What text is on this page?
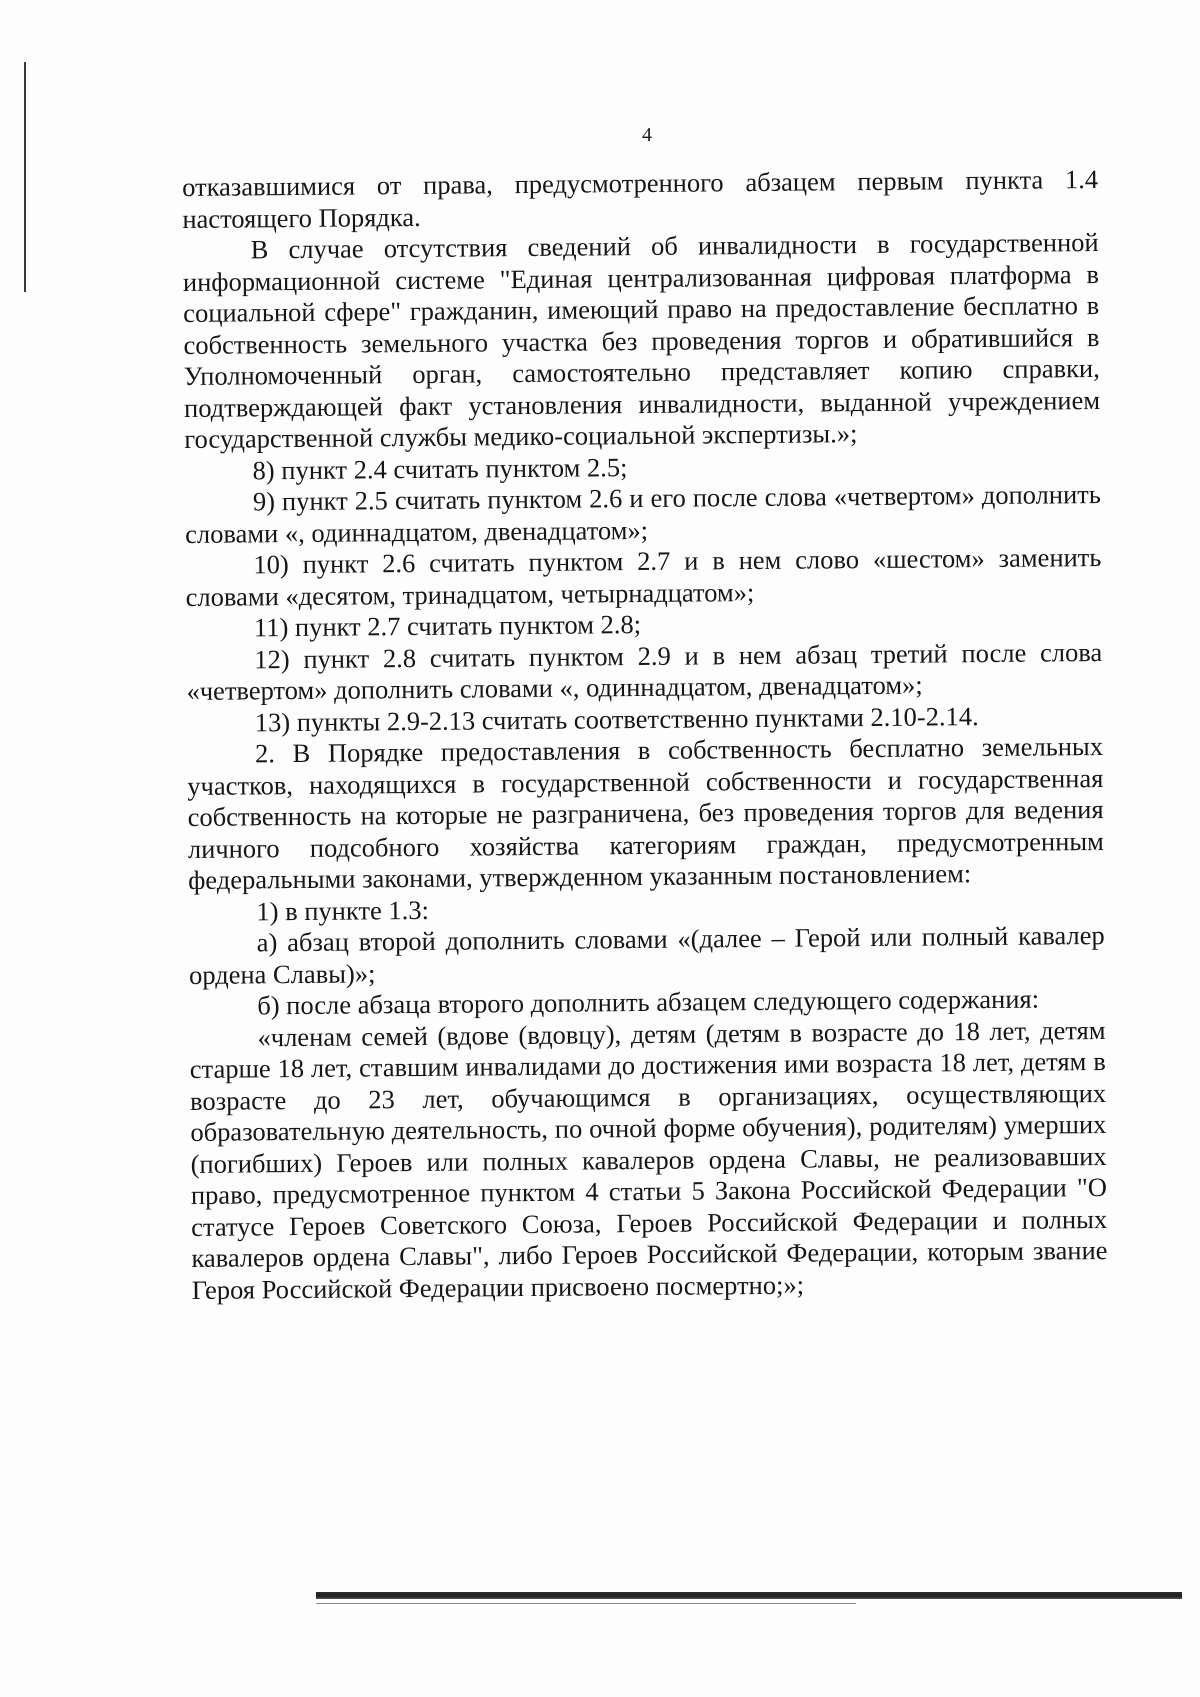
4

отказавшимися от права, предусмотренного абзацем первым пункта 1.4 настоящего Порядка.

В случае отсутствия сведений об инвалидности в государственной информационной системе "Единая централизованная цифровая платформа в социальной сфере" гражданин, имеющий право на предоставление бесплатно в собственность земельного участка без проведения торгов и обратившийся в Уполномоченный орган, самостоятельно представляет копию справки, подтверждающей факт установления инвалидности, выданной учреждением государственной службы медико-социальной экспертизы.»;

8) пункт 2.4 считать пунктом 2.5;

9) пункт 2.5 считать пунктом 2.6 и его после слова «четвертом» дополнить словами «, одиннадцатом, двенадцатом»;

10) пункт 2.6 считать пунктом 2.7 и в нем слово «шестом» заменить словами «десятом, тринадцатом, четырнадцатом»;

11) пункт 2.7 считать пунктом 2.8;

12) пункт 2.8 считать пунктом 2.9 и в нем абзац третий после слова «четвертом» дополнить словами «, одиннадцатом, двенадцатом»;

13) пункты 2.9-2.13 считать соответственно пунктами 2.10-2.14.

2. В Порядке предоставления в собственность бесплатно земельных участков, находящихся в государственной собственности и государственная собственность на которые не разграничена, без проведения торгов для ведения личного подсобного хозяйства категориям граждан, предусмотренным федеральными законами, утвержденном указанным постановлением:

1) в пункте 1.3:

а) абзац второй дополнить словами «(далее – Герой или полный кавалер ордена Славы)»;

б) после абзаца второго дополнить абзацем следующего содержания:

«членам семей (вдове (вдовцу), детям (детям в возрасте до 18 лет, детям старше 18 лет, ставшим инвалидами до достижения ими возраста 18 лет, детям в возрасте до 23 лет, обучающимся в организациях, осуществляющих образовательную деятельность, по очной форме обучения), родителям) умерших (погибших) Героев или полных кавалеров ордена Славы, не реализовавших право, предусмотренное пунктом 4 статьи 5 Закона Российской Федерации "О статусе Героев Советского Союза, Героев Российской Федерации и полных кавалеров ордена Славы", либо Героев Российской Федерации, которым звание Героя Российской Федерации присвоено посмертно;»;
